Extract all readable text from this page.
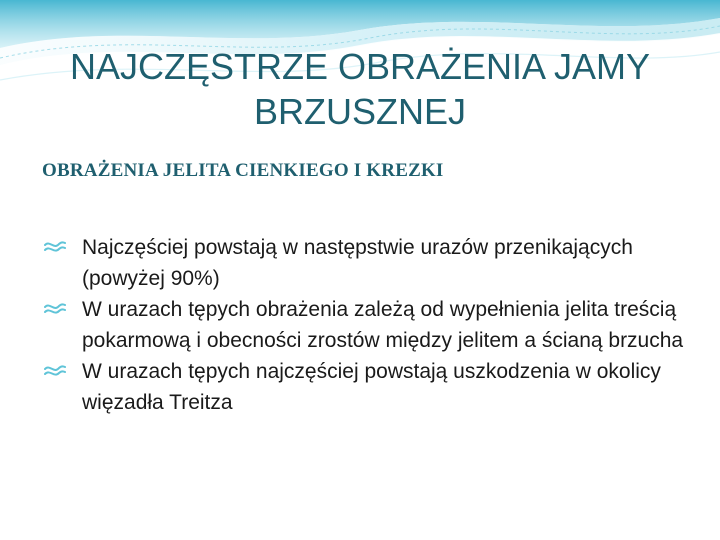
NAJCZĘSTRZE OBRAŻENIA JAMY BRZUSZNEJ
OBRAŻENIA JELITA CIENKIEGO I KREZKI
Najczęściej powstają w następstwie urazów przenikających (powyżej 90%)
W urazach tępych obrażenia zależą od wypełnienia jelita treścią pokarmową i obecności zrostów między jelitem a ścianą brzucha
W urazach tępych najczęściej powstają uszkodzenia w okolicy więzadła Treitza
